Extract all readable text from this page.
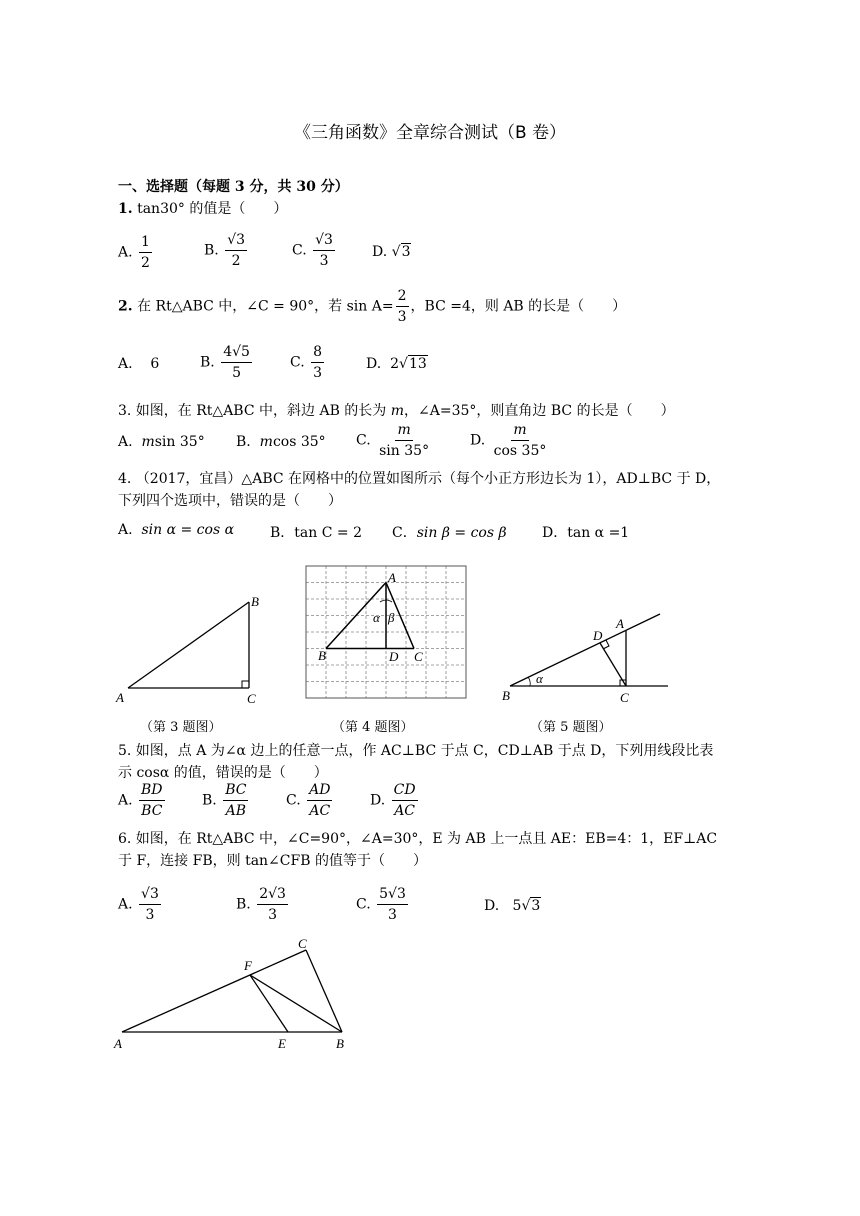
《三角函数》全章综合测试（B 卷）
一、选择题（每题 3 分，共 30 分）
1. tan30° 的值是（　　）
A. $\frac{1}{2}$	B. $\frac{√3}{2}$	C. $\frac{√3}{3}$	D. √3
2. 在 Rt△ABC 中，∠C = 90°，若 $\sin A= \frac{2}{3}$ ，BC =4，则 AB 的长是（　　）
A. 6	B. $\frac{4√5}{5}$	C. $\frac{8}{3}$	D. 2√13
3. 如图，在 Rt△ABC 中，斜边 AB 的长为 m，∠A=35°，则直角边 BC 的长是（　　）
A. msin 35° B. mcos 35° C. $\frac{m}{\sin 35^\circ}$	D. $\frac{m}{\cos 35^\circ}$
4. （2017，宜昌）△ABC 在网格中的位置如图所示（每个小正方形边长为 1），AD⊥BC 于 D，
下列四个选项中，错误的是（　　）
A. sin α = cos α	B．tan C = 2 C．sin β = cos β	D．tan α =1
A
B
C
A
B	D C
α β
B	C
D
A
α
（第 3 题图）	（第 4 题图）	（第 5 题图）
5. 如图，点 A 为∠α 边上的任意一点，作 AC⊥BC 于点 C，CD⊥AB 于点 D，下列用线段比表
示 cosα 的值，错误的是（　　）
A. $\frac{BD}{BC}$	B. $\frac{BC}{AB}$	C. $\frac{AD}{AC}$	D. $\frac{CD}{AC}$
6. 如图，在 Rt△ABC 中，∠C=90°，∠A=30°，E 为 AB 上一点且 AE：EB=4：1，EF⊥AC
于 F，连接 FB，则 tan∠CFB 的值等于（　　）
A. $\frac{√3}{3}$	B. $\frac{2√3}{3}$	C. $\frac{5√3}{3}$	D. 5√3
A	E	B
C
F
